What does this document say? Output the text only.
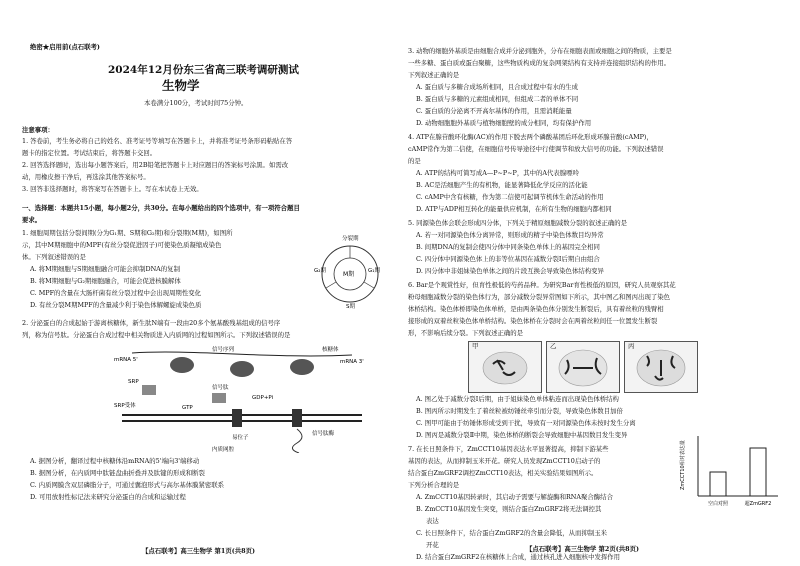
绝密★启用前(点石联考)
2024年12月份东三省高三联考调研测试
生物学
本卷满分100分，考试时间75分钟。
注意事项：
1. 答卷前，考生务必将自己的姓名、准考证号等填写在答题卡上，并将准考证号条形码粘贴在答
题卡的指定位置。考试结束后，将答题卡交回。
2. 回答选择题时，选出每小题答案后，用2B铅笔把答题卡上对应题目的答案标号涂黑。如需改
动，用橡皮擦干净后，再选涂其他答案标号。
3. 回答非选择题时，将答案写在答题卡上。写在本试卷上无效。
一、选择题：本题共15小题，每小题2分，共30分。在每小题给出的四个选项中，有一项符合题目
要求。
1. 细胞周期包括分裂间期(分为G₁期、S期和G₂期)和分裂期(M期)，如图所
示，其中M期细胞中的MPF(有丝分裂促进因子)可使染色质凝缩成染色
体。下列叙述错误的是
A. 将M期细胞与S期细胞融合可能会抑制DNA的复制
B. 将M期细胞与G₂期细胞融合，可能会促进核膜解体
C. MPF的含量在大肠杆菌有丝分裂过程中会出现周期性变化
D. 有丝分裂M期MPF的含量减少利于染色体解螺旋成染色质
分裂期
M期
G₂期	G₁期
S期
2. 分泌蛋白的合成起始于游离核糖体，新生肽N端有一段由20多个氨基酸残基组成的信号序
列，称为信号肽。分泌蛋白合成过程中相关物质进入内质网的过程如图所示。下列叙述错误的是
信号序列	核糖体
mRNA 5'	mRNA 3'
SRP
SRP受体
信号肽
GTP
GDP+Pi
易位子
信号肽酶
内质网腔
A. 据图分析，翻译过程中核糖体沿mRNA的5'端向3'端移动
B. 据图分析，在内质网中肽链盘曲折叠并及肽键的形成和断裂
C. 内质网膜含双层磷脂分子，可通过囊泡形式与高尔基体膜紧密联系
D. 可用放射性标记法来研究分泌蛋白的合成和运输过程
【点石联考】高三生物学 第1页(共8页)
3. 动物的细胞外基质是由细胞合成并分泌到胞外，分布在细胞表面或细胞之间的物质，主要是
一些多糖、蛋白质或蛋白聚糖，这些物质构成的复杂网架结构有支持并连接组织结构的作用。
下列叙述正确的是
A. 蛋白质与多糖合成场所相同，且合成过程中有水的生成
B. 蛋白质与多糖的元素组成相同，但组成二者的单体不同
C. 蛋白质的分泌离不开高尔基体的作用，且需消耗能量
D. 动物细胞胞外基质与植物细胞壁的成分相同，均有保护作用
4. ATP在腺苷酸环化酶(AC)的作用下脱去两个磷酸基团后环化形成环腺苷酸(cAMP)，
cAMP常作为第二信使，在细胞信号传导途径中行使调节和放大信号的功能。下列叙述错误
的是
A. ATP的结构可简写成A—P~P~P，其中的A代表腺嘌呤
B. AC是活细胞产生的有机物，能显著降低化学反应的活化能
C. cAMP中含有核糖，作为第二信使可起调节机体生命活动的作用
D. ATP与ADP相互转化的能量供应机制，在所有生物的细胞内都相同
5. 同源染色体会联会形成四分体，下列关于精原细胞减数分裂的叙述正确的是
A. 若一对同源染色体分离异常，则形成的精子中染色体数目均异常
B. 间期DNA的复制会使四分体中同条染色单体上的基因完全相同
C. 四分体中同源染色体上的非等位基因在减数分裂Ⅰ后期自由组合
D. 四分体中非姐妹染色单体之间的片段互换会导致染色体结构变异
6. Bar是个观赏性好，但育性极低的芍药品种。为研究Bar育性极低的原因，研究人员观察其花
粉母细胞减数分裂的染色体行为，部分减数分裂异常图如下所示，其中图乙和图丙出现了染色
体桥结构。染色体桥即染色体单桥，是由两条染色体分别发生断裂后，具有着丝粒的残臂相
接形成的双着丝粒染色体单桥结构。染色体桥在分裂时会在两着丝粒间任一位置发生断裂
形，不影响后续分裂。下列叙述正确的是
甲	乙	丙
A. 图乙处于减数分裂Ⅰ后期，由于姐妹染色单体粘连而出现染色体桥结构
B. 图丙所示时期发生了着丝粒被纺锤丝牵引而分裂，导致染色体数目加倍
C. 图甲可能由于纺锤体形成受到干扰，导致有一对同源染色体未按时发生分离
D. 图丙是减数分裂Ⅱ中期，染色体桥的断裂会导致细胞中基因数目发生变异
7. 在长日照条件下，ZmCCT10基因表达水平显著提高，抑制下游某些
基因的表达，从而抑制玉米开花。研究人员发现ZmCCT10启动子的
结合蛋白ZmGRF2调控ZmCCT10表达，相关实验结果如图所示。
下列分析合理的是
A. ZmCCT10基因转录时，其启动子需要与解旋酶和RNA聚合酶结合
B. ZmCCT10基因发生突变，则结合蛋白ZmGRF2将无法调控其
表达
C. 长日照条件下，结合蛋白ZmGRF2的含量会降低，从而抑制玉米
开花
D. 结合蛋白ZmGRF2在核糖体上合成，通过核孔进入细胞核中发挥作用
ZmCCT10相对表达量
空白对照	超ZmGRF2
【点石联考】高三生物学 第2页(共8页)
